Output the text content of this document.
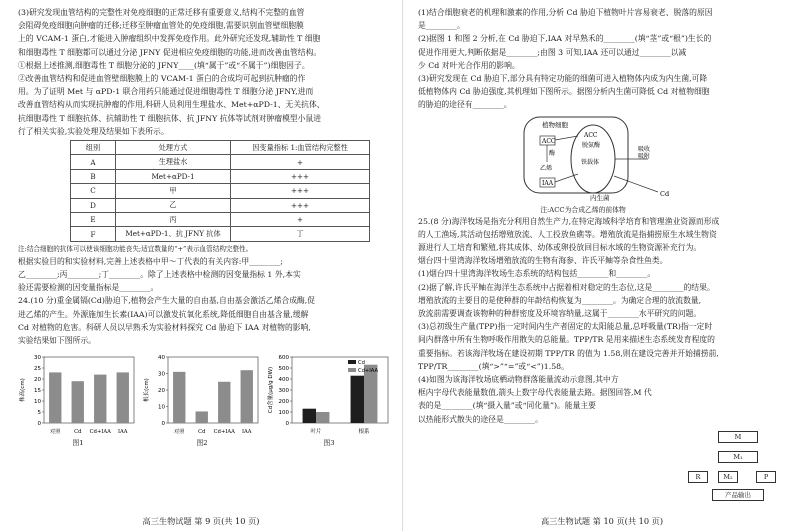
(3)研究发现血管结构的完整性对免疫细胞的正常迁移有重要意义,结构不完整的血管

会阻碍免疫细胞向肿瘤的迁移;迁移至肿瘤血管处的免疫细胞,需要识别血管壁细胞膜

上的 VCAM-1 蛋白,才能进入肿瘤组织中发挥免疫作用。此外研究还发现,辅助性 T 细胞

和细胞毒性 T 细胞都可以通过分泌 JFNY 促进相应免疫细胞的功能,进而改善血管结构。

①根据上述推测,细胞毒性 T 细胞分泌的 JFNY____(填“属于”或“不属于”)细胞因子。

②改善血管结构和促进血管壁细胞膜上的 VCAM-1 蛋白的合成均可起到抗肿瘤的作

用。为了证明 Met 与 αPD-1 联合用药只能通过促进细胞毒性 T 细胞分泌 JFNY,进而

改善血管结构从而实现抗肿瘤的作用,科研人员利用生理盐水、Met+αPD-1、无关抗体、

抗细胞毒性 T 细胞抗体、抗辅助性 T 细胞抗体、抗 JFNY 抗体等试剂对肿瘤模型小鼠进

行了相关实验,实验处理及结果如下表所示。

组别	处理方式	因变量指标 1:血管结构完整性
A	生理盐水	+
B	Met+αPD-1	+++
C	甲	+++
D	乙	+++
E	丙	+
F	Met+αPD-1、抗 JFNY 抗体	丁

注:结合细胞的抗体可以使该细胞功能丧失;适宜数量的“+”表示血管结构完整性。

根据实验目的和实验材料,完善上述表格中甲～丁代表的有关内容:甲________;

乙________;丙________;丁________。除了上述表格中检测的因变量指标 1 外,本实

验还需要检测的因变量指标是________。

24.(10 分)重金属镉(Cd)胁迫下,植物会产生大量的自由基,自由基会激活乙烯合成酶,促

进乙烯的产生。外源施加生长素(IAA)可以激发抗氧化系统,降低细胞自由基含量,缓解

Cd 对植物的危害。科研人员以早熟禾为实验材料探究 Cd 胁迫下 IAA 对植物的影响,

实验结果如下图所示。

0
5
10
15
20
25
30
株高(cm)
对照	Cd Cd+IAA IAA
图1
0
10
20
30
40
根长(cm)
对照	Cd Cd+IAA IAA
图2
0
100
200
300
400
500
600
Cd含量(μg/g DW)
叶片	根系
Cd
Cd+IAA
图3
高三生物试题 第 9 页(共 10 页)

(1)结合细胞衰老的机理和激素的作用,分析 Cd 胁迫下植物叶片容易衰老、脱落的原因

是________。

(2)据图 1 和图 2 分析,在 Cd 胁迫下,IAA 对早熟禾的________(填“茎”或“根”)生长的

促进作用更大,判断依据是________;由图 3 可知,IAA 还可以通过________以减

少 Cd 对叶光合作用的影响。

(3)研究发现在 Cd 胁迫下,部分具有特定功能的细菌可进入植物体内成为内生菌,可降

低植物体内 Cd 胁迫强度,其机理如下图所示。据图分析内生菌可降低 Cd 对植物细胞

的胁迫的途径有________。

植物细胞
ACC
酶
乙烯
IAA
ACC
脱氨酶
铁载体
内生菌
吸收
吸附
Cd
注:ACC为合成乙烯的前体物

25.(8 分)海洋牧场是指充分利用自然生产力,在特定海域科学培育和管理渔业资源而形成

的人工渔场,其活动包括增殖放流、人工投放鱼礁等。增殖放流是指捕捞原生水域生物资

源进行人工培育和繁殖,将其成体、幼体或卵投放回目标水域的生物资源补充行为。

烟台四十里湾海洋牧场增殖放流的生物有海参、许氏平鲉等杂食性鱼类。

(1)烟台四十里湾海洋牧场生态系统的结构包括________和________。

(2)据了解,许氏平鲉在海洋生态系统中占据着相对稳定的生态位,这是________的结果。

增殖放流的主要目的是使种群的年龄结构恢复为________。为确定合理的放流数量,

放流前需要调查该物种的种群密度及环境容纳量,这属于________水平研究的问题。

(3)总初级生产量(TPP)指一定时间内生产者固定的太阳能总量,总呼吸量(TR)指一定时

间内群落中所有生物呼吸作用散失的总能量。TPP/TR 是用来描述生态系统发育程度的

重要指标。若该海洋牧场在建设初期 TPP/TR 的值为 1.58,则在建设完善并开始捕捞前,

TPP/TR________(填“>”“=”或“<”)1.58。

(4)如图为该海洋牧场底栖动物群落能量流动示意图,其中方

框内字母代表能量数值,箭头上数字母代表能量去路。据图回答,M 代

表的是________(填“摄入量”或“同化量”)。能量主要

以热能形式散失的途径是________。

M
M₁
M₂
R	P
产品输出
高三生物试题 第 10 页(共 10 页)
